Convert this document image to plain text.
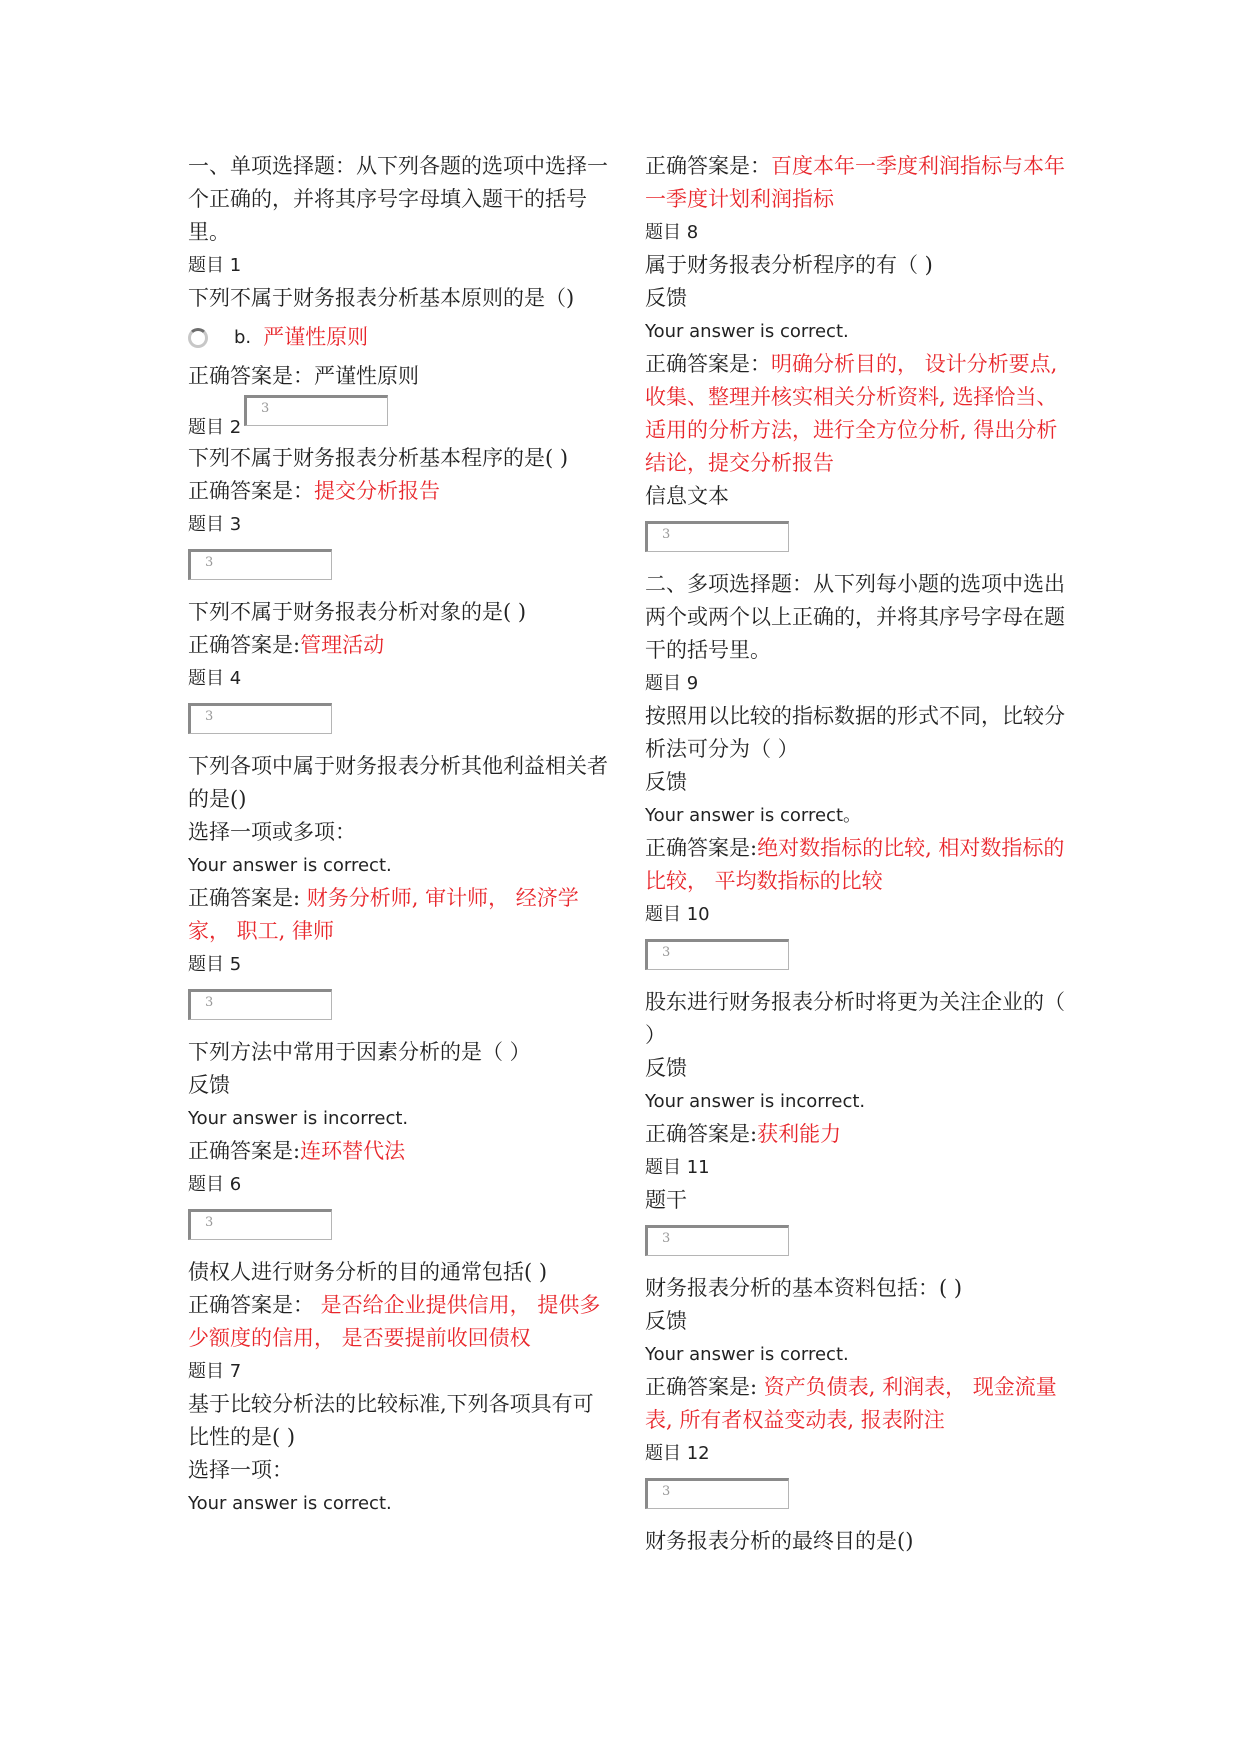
一、单项选择题：从下列各题的选项中选择一个正确的，并将其序号字母填入题干的括号里。
题目 1
下列不属于财务报表分析基本原则的是（)
b. 严谨性原则
正确答案是：严谨性原则
题目 2
3
下列不属于财务报表分析基本程序的是( )
正确答案是：提交分析报告
题目 3
3
下列不属于财务报表分析对象的是( )
正确答案是:管理活动
题目 4
3
下列各项中属于财务报表分析其他利益相关者的是()
选择一项或多项：
Your answer is correct.
正确答案是: 财务分析师, 审计师， 经济学家， 职工, 律师
题目 5
3
下列方法中常用于因素分析的是（ ）
反馈
Your answer is incorrect.
正确答案是:连环替代法
题目 6
3
债权人进行财务分析的目的通常包括( )
正确答案是： 是否给企业提供信用， 提供多少额度的信用， 是否要提前收回债权
题目 7
基于比较分析法的比较标准,下列各项具有可比性的是( )
选择一项：
Your answer is correct.
正确答案是：百度本年一季度利润指标与本年一季度计划利润指标
题目 8
属于财务报表分析程序的有（ )
反馈
Your answer is correct.
正确答案是：明确分析目的， 设计分析要点, 收集、整理并核实相关分析资料, 选择恰当、适用的分析方法，进行全方位分析, 得出分析结论，提交分析报告
信息文本
3
二、多项选择题：从下列每小题的选项中选出两个或两个以上正确的，并将其序号字母在题干的括号里。
题目 9
按照用以比较的指标数据的形式不同，比较分析法可分为（ ）
反馈
Your answer is correct。
正确答案是:绝对数指标的比较, 相对数指标的比较， 平均数指标的比较
题目 10
3
股东进行财务报表分析时将更为关注企业的（ ）
反馈
Your answer is incorrect.
正确答案是:获利能力
题目 11
题干
3
财务报表分析的基本资料包括：( )
反馈
Your answer is correct.
正确答案是: 资产负债表, 利润表， 现金流量表, 所有者权益变动表, 报表附注
题目 12
3
财务报表分析的最终目的是()
